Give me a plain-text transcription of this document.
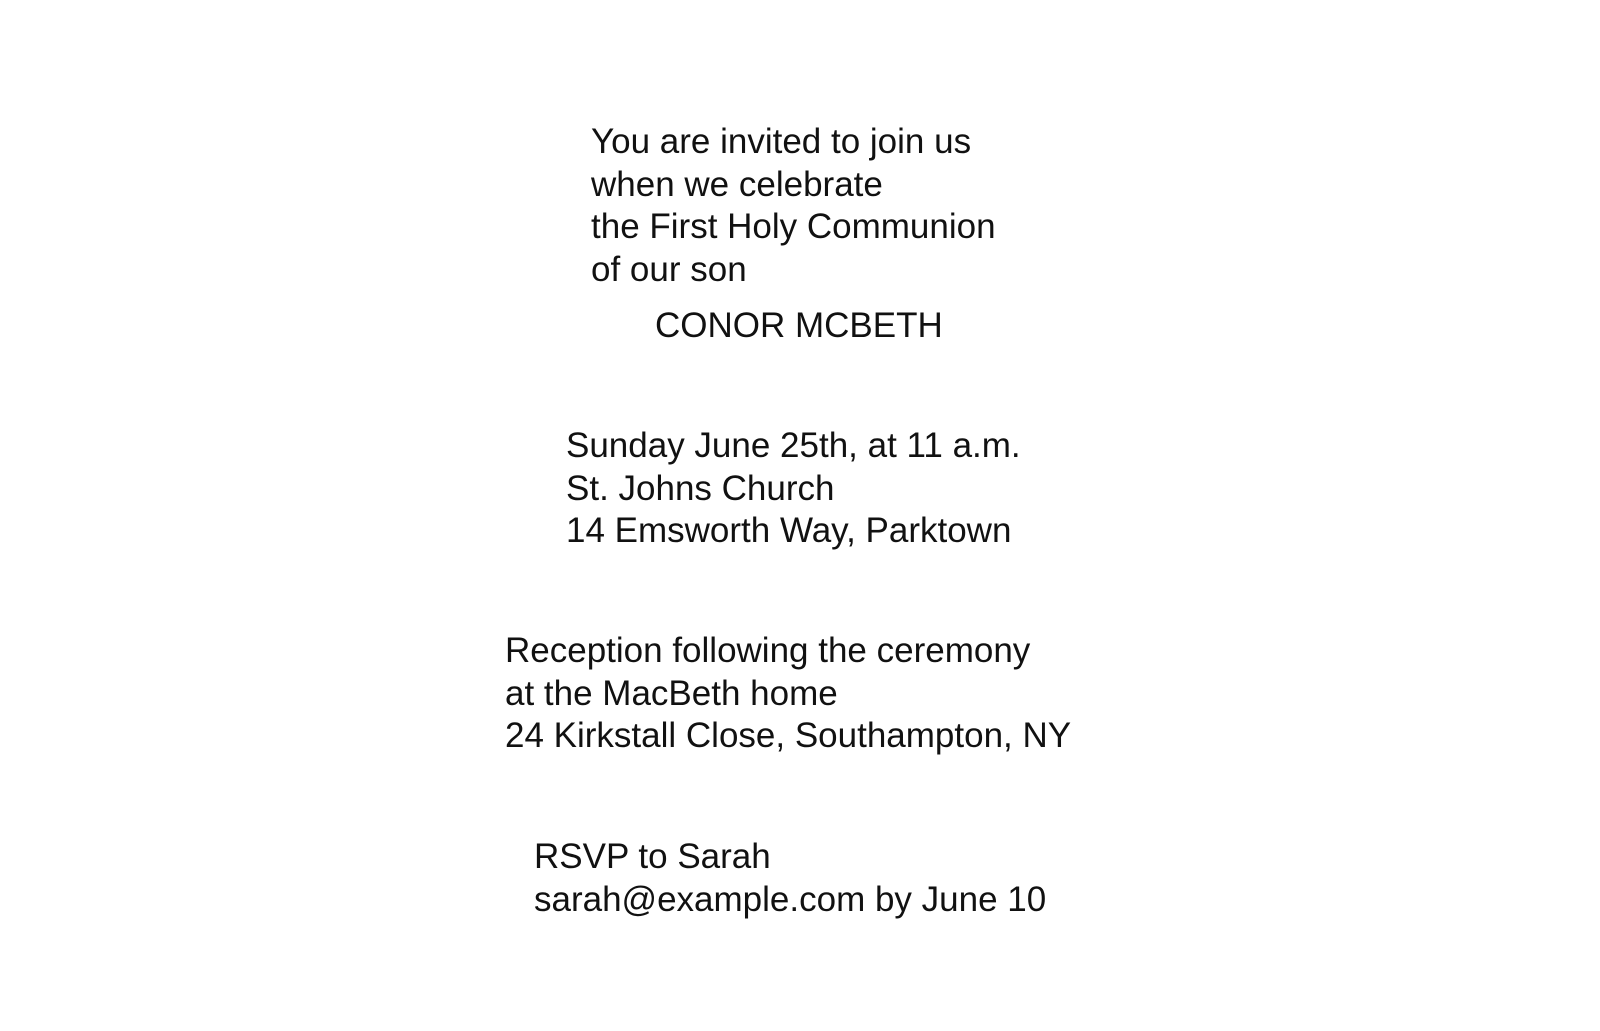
You are invited to join us
when we celebrate
the First Holy Communion
of our son
CONOR MCBETH
Sunday June 25th, at 11 a.m.
St. Johns Church
14 Emsworth Way, Parktown
Reception following the ceremony
at the MacBeth home
24 Kirkstall Close, Southampton, NY
RSVP to Sarah
sarah@example.com by June 10
